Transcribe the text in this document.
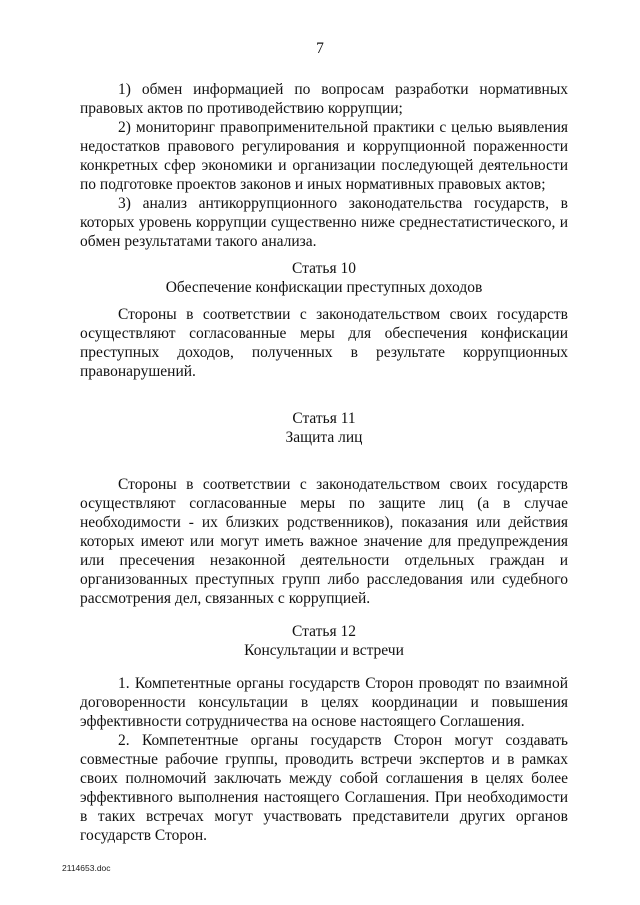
7

1) обмен информацией по вопросам разработки нормативных правовых актов по противодействию коррупции;

2) мониторинг правоприменительной практики с целью выявления недостатков правового регулирования и коррупционной пораженности конкретных сфер экономики и организации последующей деятельности по подготовке проектов законов и иных нормативных правовых актов;

3) анализ антикоррупционного законодательства государств, в которых уровень коррупции существенно ниже среднестатистического, и обмен результатами такого анализа.

Статья 10

Обеспечение конфискации преступных доходов

Стороны в соответствии с законодательством своих государств осуществляют согласованные меры для обеспечения конфискации преступных доходов, полученных в результате коррупционных правонарушений.

Статья 11

Защита лиц

Стороны в соответствии с законодательством своих государств осуществляют согласованные меры по защите лиц (а в случае необходимости - их близких родственников), показания или действия которых имеют или могут иметь важное значение для предупреждения или пресечения незаконной деятельности отдельных граждан и организованных преступных групп либо расследования или судебного рассмотрения дел, связанных с коррупцией.

Статья 12

Консультации и встречи

1. Компетентные органы государств Сторон проводят по взаимной договоренности консультации в целях координации и повышения эффективности сотрудничества на основе настоящего Соглашения.

2. Компетентные органы государств Сторон могут создавать совместные рабочие группы, проводить встречи экспертов и в рамках своих полномочий заключать между собой соглашения в целях более эффективного выполнения настоящего Соглашения. При необходимости в таких встречах могут участвовать представители других органов государств Сторон.

2114653.doc
